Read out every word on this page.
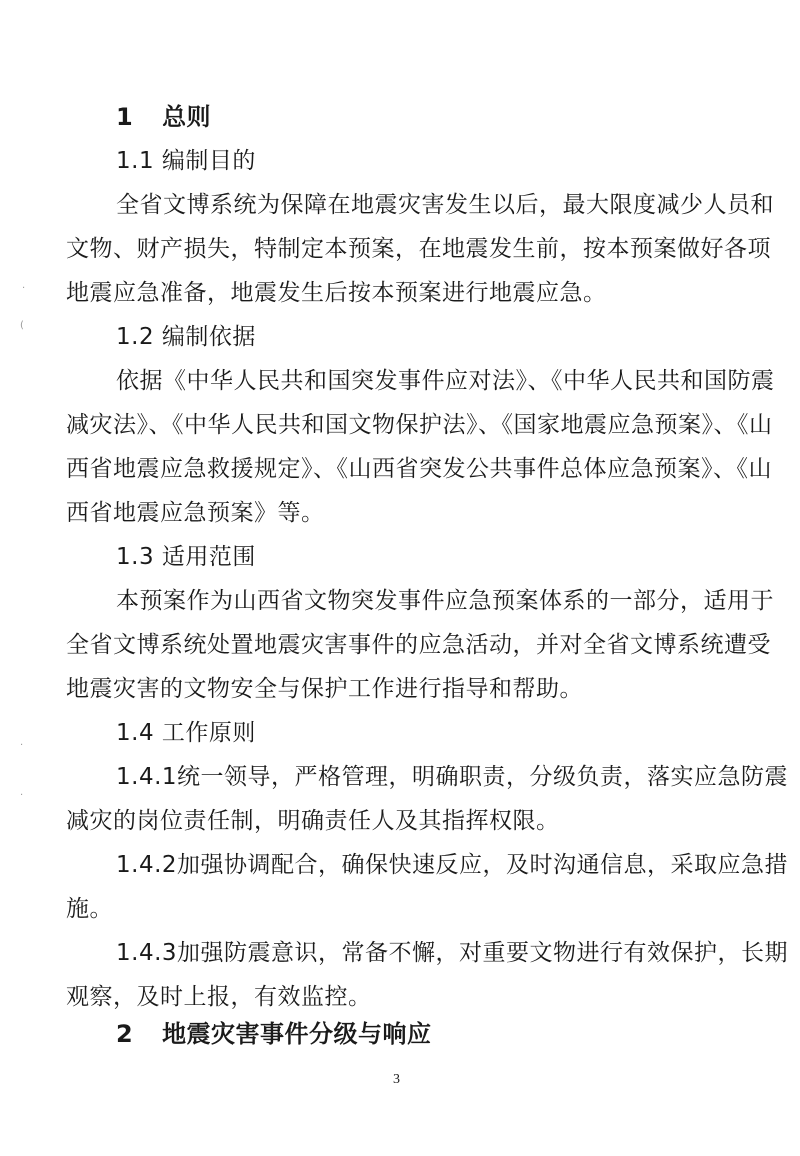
1 总则
1.1 编制目的
全省文博系统为保障在地震灾害发生以后，最大限度减少人员和
文物、财产损失，特制定本预案，在地震发生前，按本预案做好各项
地震应急准备，地震发生后按本预案进行地震应急。
1.2 编制依据
依据《中华人民共和国突发事件应对法》、《中华人民共和国防震
减灾法》、《中华人民共和国文物保护法》、《国家地震应急预案》、《山
西省地震应急救援规定》、《山西省突发公共事件总体应急预案》、《山
西省地震应急预案》等。
1.3 适用范围
本预案作为山西省文物突发事件应急预案体系的一部分，适用于
全省文博系统处置地震灾害事件的应急活动，并对全省文博系统遭受
地震灾害的文物安全与保护工作进行指导和帮助。
1.4 工作原则
1.4.1统一领导，严格管理，明确职责，分级负责，落实应急防震
减灾的岗位责任制，明确责任人及其指挥权限。
1.4.2加强协调配合，确保快速反应，及时沟通信息，采取应急措
施。
1.4.3加强防震意识，常备不懈，对重要文物进行有效保护，长期
观察，及时上报，有效监控。
2 地震灾害事件分级与响应
3
·
(
·
·
